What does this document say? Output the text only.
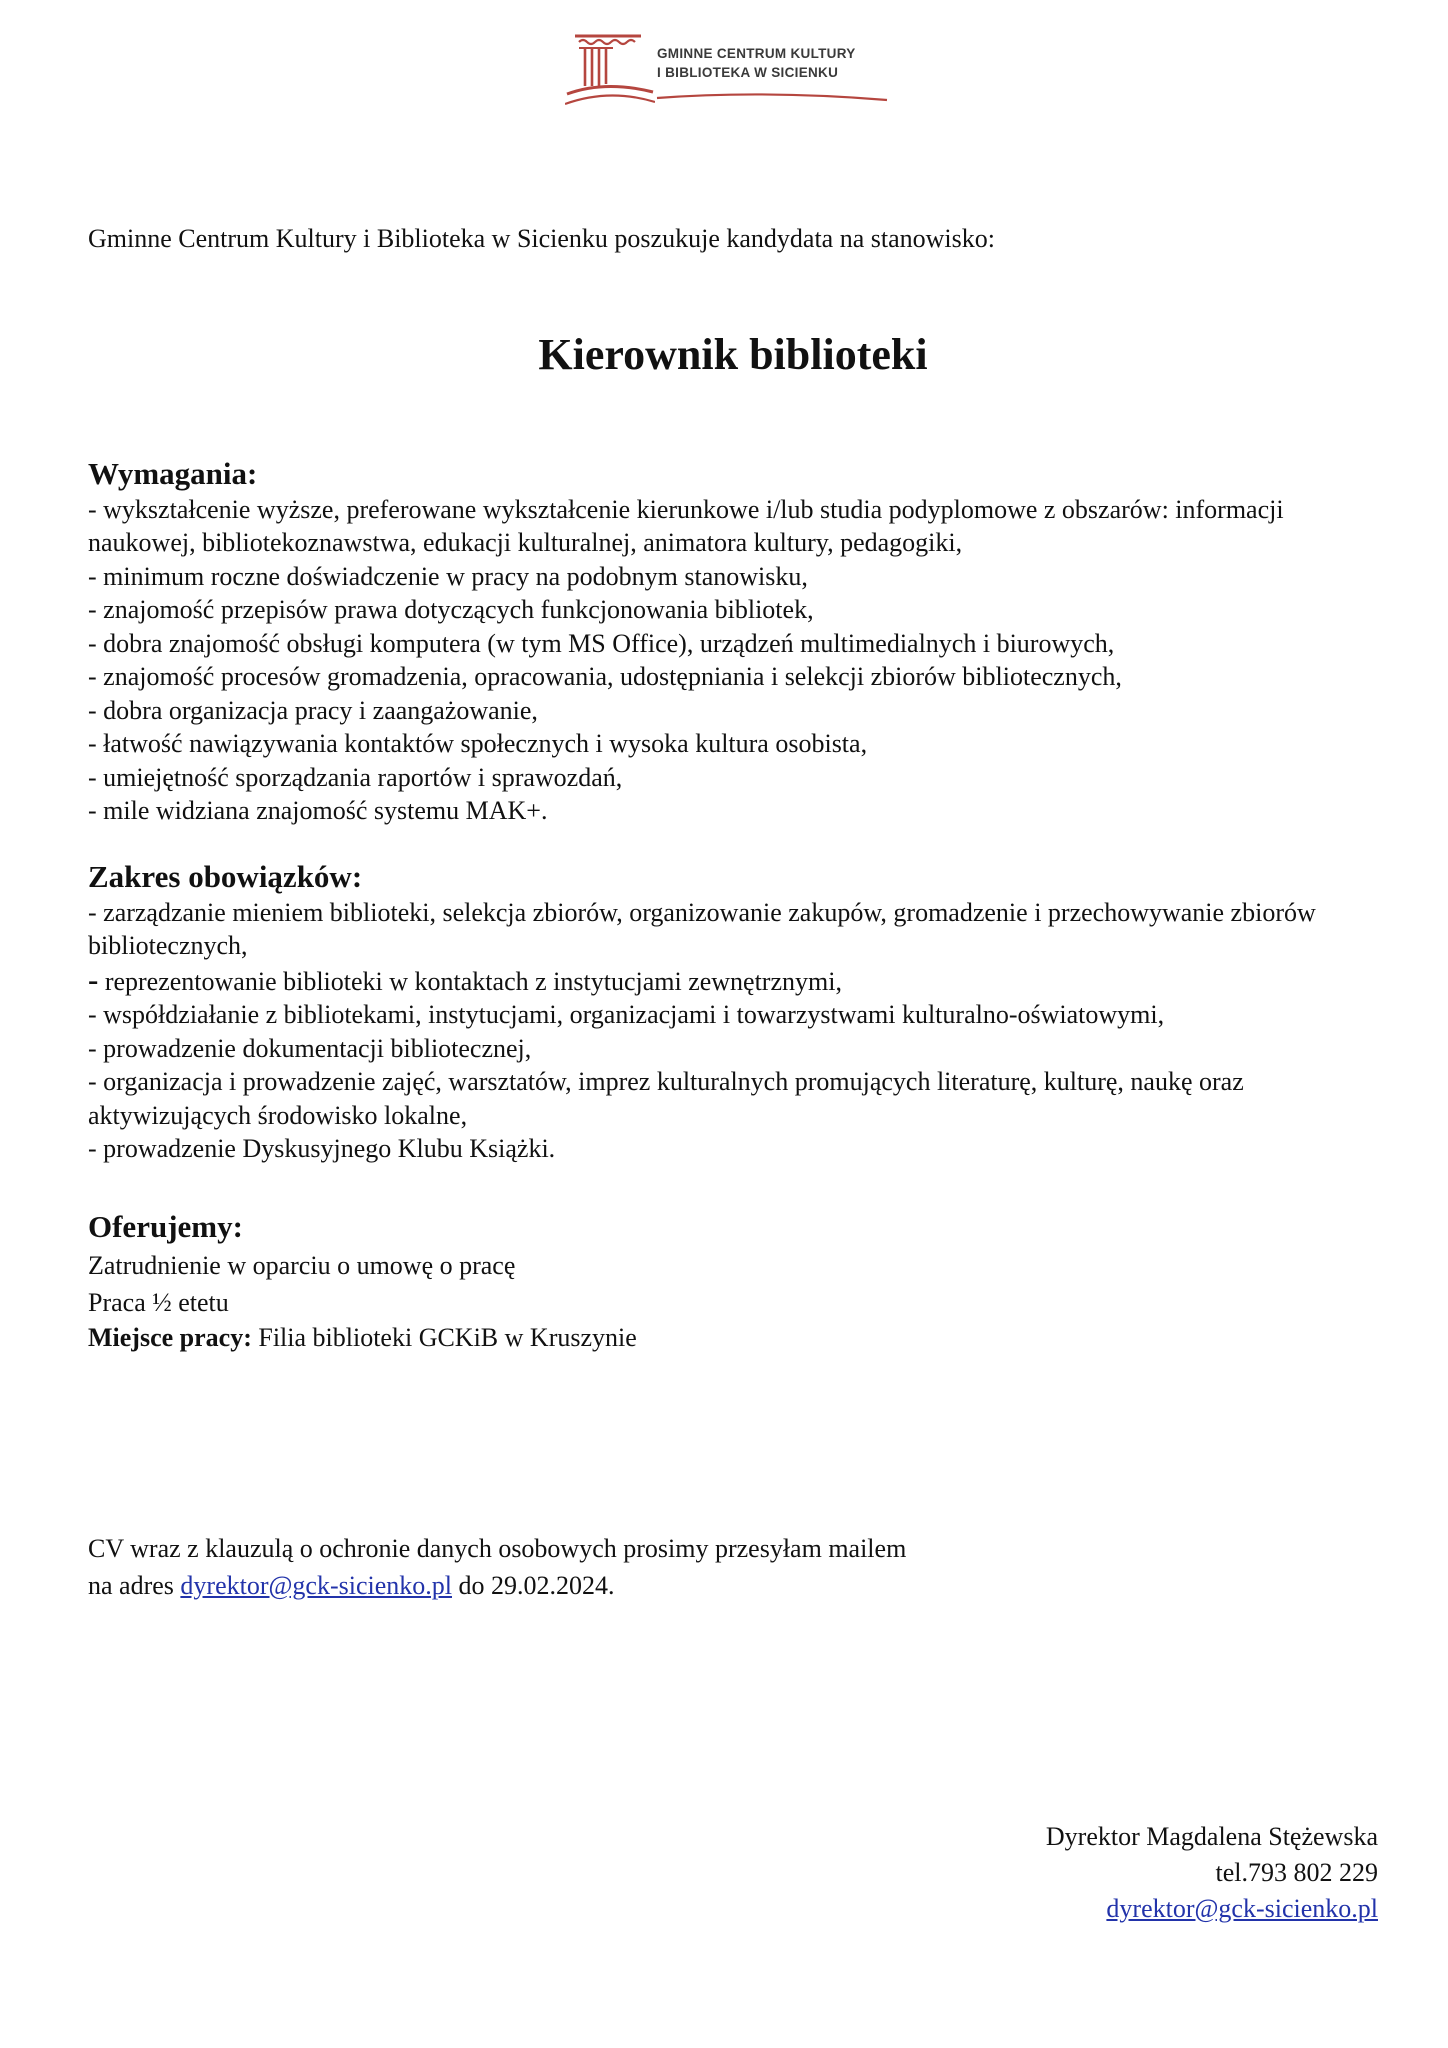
GMINNE CENTRUM KULTURY
I BIBLIOTEKA W SICIENKU

Gminne Centrum Kultury i Biblioteka w Sicienku poszukuje kandydata na stanowisko:

Kierownik biblioteki
Wymagania:

- wykształcenie wyższe, preferowane wykształcenie kierunkowe i/lub studia podyplomowe z obszarów: informacji naukowej, bibliotekoznawstwa, edukacji kulturalnej, animatora kultury, pedagogiki,

- minimum roczne doświadczenie w pracy na podobnym stanowisku,

- znajomość przepisów prawa dotyczących funkcjonowania bibliotek,

- dobra znajomość obsługi komputera (w tym MS Office), urządzeń multimedialnych i biurowych,

- znajomość procesów gromadzenia, opracowania, udostępniania i selekcji zbiorów bibliotecznych,

- dobra organizacja pracy i zaangażowanie,

- łatwość nawiązywania kontaktów społecznych i wysoka kultura osobista,

- umiejętność sporządzania raportów i sprawozdań,

- mile widziana znajomość systemu MAK+.

Zakres obowiązków:

- zarządzanie mieniem biblioteki, selekcja zbiorów, organizowanie zakupów, gromadzenie i przechowywanie zbiorów bibliotecznych,

- reprezentowanie biblioteki w kontaktach z instytucjami zewnętrznymi,

- współdziałanie z bibliotekami, instytucjami, organizacjami i towarzystwami kulturalno-oświatowymi,

- prowadzenie dokumentacji bibliotecznej,

- organizacja i prowadzenie zajęć, warsztatów, imprez kulturalnych promujących literaturę, kulturę, naukę oraz aktywizujących środowisko lokalne,

- prowadzenie Dyskusyjnego Klubu Książki.

Oferujemy:

Zatrudnienie w oparciu o umowę o pracę

Praca ½ etetu

Miejsce pracy: Filia biblioteki GCKiB w Kruszynie

CV wraz z klauzulą o ochronie danych osobowych prosimy przesyłam mailem

na adres dyrektor@gck-sicienko.pl do 29.02.2024.

Dyrektor Magdalena Stężewska
tel.793 802 229
dyrektor@gck-sicienko.pl
